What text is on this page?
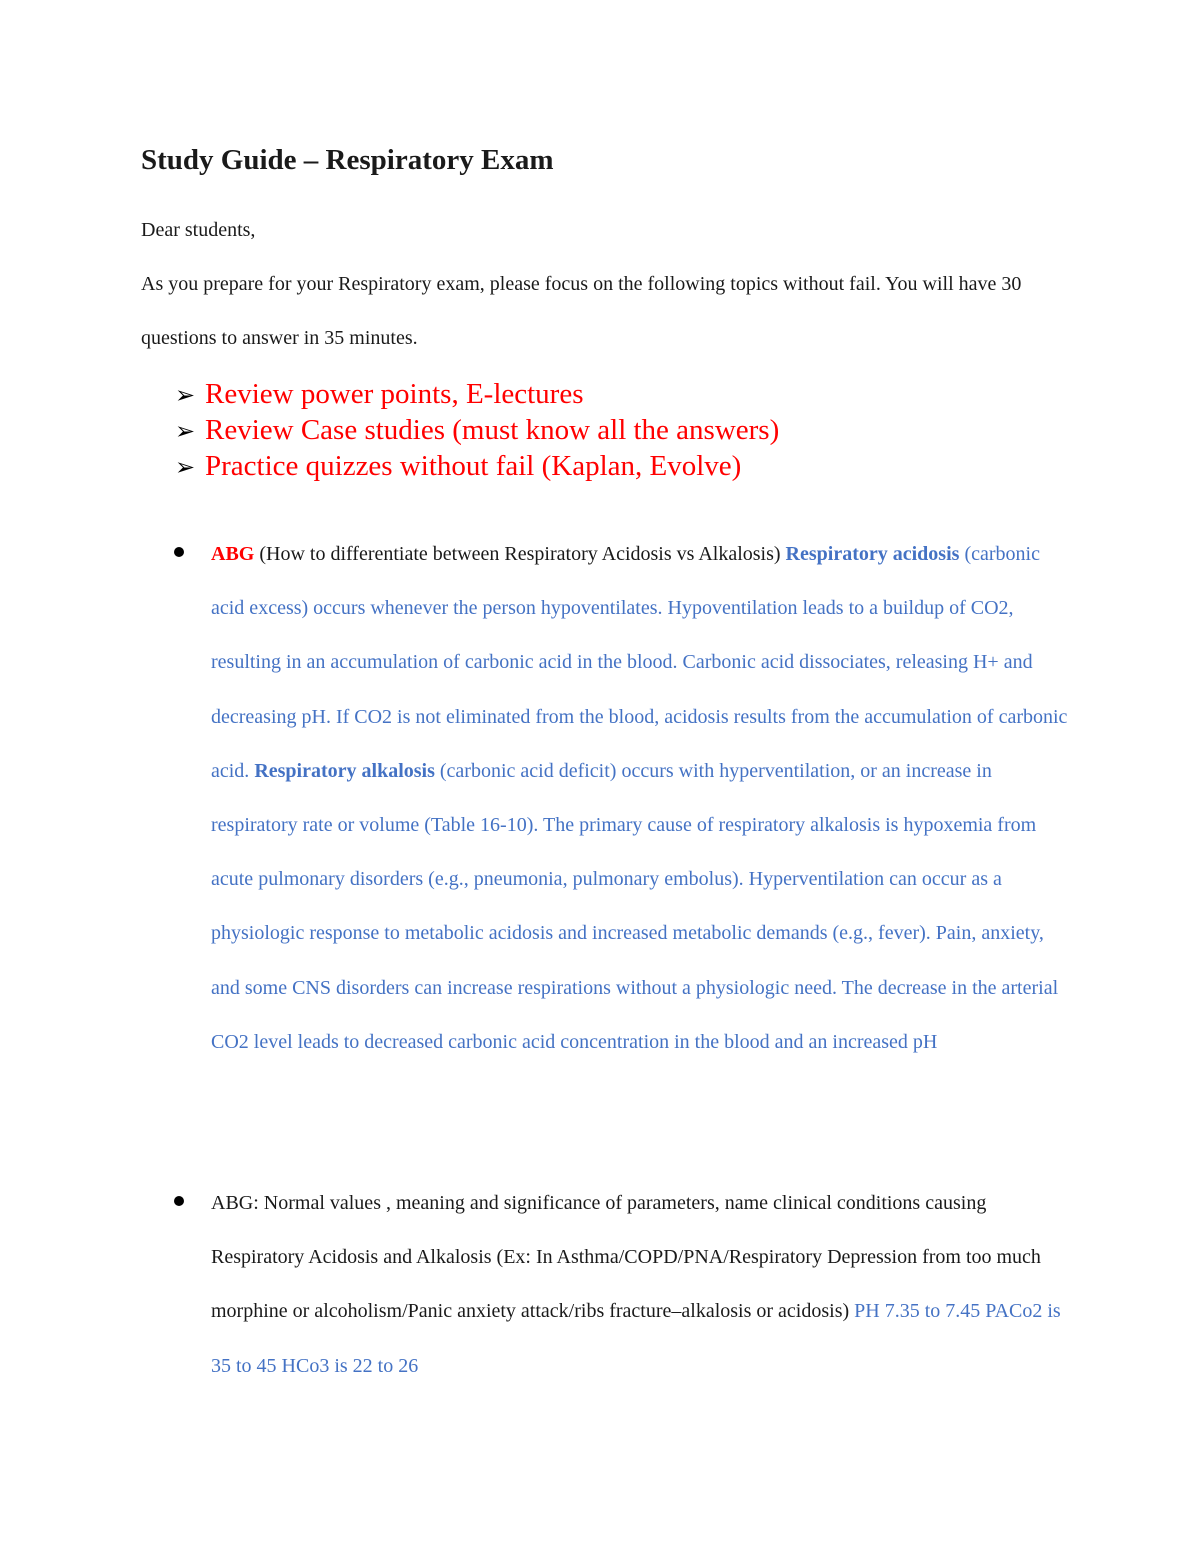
Study Guide – Respiratory Exam

Dear students,

As you prepare for your Respiratory exam, please focus on the following topics without fail. You will have 30 questions to answer in 35 minutes.

➢ Review power points, E-lectures
➢ Review Case studies (must know all the answers)
➢ Practice quizzes without fail (Kaplan, Evolve)

ABG (How to differentiate between Respiratory Acidosis vs Alkalosis) Respiratory acidosis (carbonic acid excess) occurs whenever the person hypoventilates. Hypoventilation leads to a buildup of CO2, resulting in an accumulation of carbonic acid in the blood. Carbonic acid dissociates, releasing H+ and decreasing pH. If CO2 is not eliminated from the blood, acidosis results from the accumulation of carbonic acid. Respiratory alkalosis (carbonic acid deficit) occurs with hyperventilation, or an increase in respiratory rate or volume (Table 16-10). The primary cause of respiratory alkalosis is hypoxemia from acute pulmonary disorders (e.g., pneumonia, pulmonary embolus). Hyperventilation can occur as a physiologic response to metabolic acidosis and increased metabolic demands (e.g., fever). Pain, anxiety, and some CNS disorders can increase respirations without a physiologic need. The decrease in the arterial CO2 level leads to decreased carbonic acid concentration in the blood and an increased pH

ABG: Normal values , meaning and significance of parameters, name clinical conditions causing Respiratory Acidosis and Alkalosis (Ex: In Asthma/COPD/PNA/Respiratory Depression from too much morphine or alcoholism/Panic anxiety attack/ribs fracture–alkalosis or acidosis) PH 7.35 to 7.45 PACo2 is 35 to 45 HCo3 is 22 to 26
